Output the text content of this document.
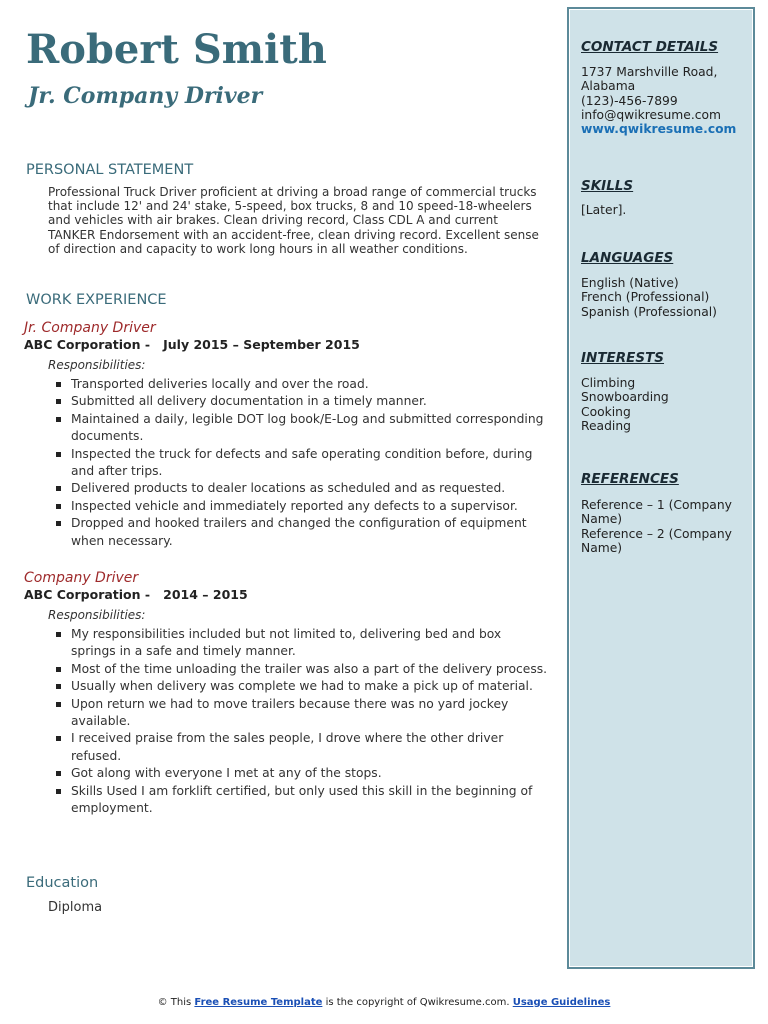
Robert Smith
Jr. Company Driver
PERSONAL STATEMENT

Professional Truck Driver proficient at driving a broad range of commercial trucks that include 12' and 24' stake, 5-speed, box trucks, 8 and 10 speed-18-wheelers and vehicles with air brakes. Clean driving record, Class CDL A and current TANKER Endorsement with an accident-free, clean driving record. Excellent sense of direction and capacity to work long hours in all weather conditions.

WORK EXPERIENCE
Jr. Company Driver
ABC Corporation -   July 2015 – September 2015
Responsibilities:
Transported deliveries locally and over the road.
Submitted all delivery documentation in a timely manner.
Maintained a daily, legible DOT log book/E-Log and submitted corresponding documents.
Inspected the truck for defects and safe operating condition before, during and after trips.
Delivered products to dealer locations as scheduled and as requested.
Inspected vehicle and immediately reported any defects to a supervisor.
Dropped and hooked trailers and changed the configuration of equipment when necessary.
Company Driver
ABC Corporation -   2014 – 2015
Responsibilities:
My responsibilities included but not limited to, delivering bed and box springs in a safe and timely manner.
Most of the time unloading the trailer was also a part of the delivery process.
Usually when delivery was complete we had to make a pick up of material.
Upon return we had to move trailers because there was no yard jockey available.
I received praise from the sales people, I drove where the other driver refused.
Got along with everyone I met at any of the stops.
Skills Used I am forklift certified, but only used this skill in the beginning of employment.
Education

Diploma

CONTACT DETAILS
1737 Marshville Road, Alabama
(123)-456-7899
info@qwikresume.com
www.qwikresume.com
SKILLS
[Later].
LANGUAGES
English (Native)
French (Professional)
Spanish (Professional)
INTERESTS
Climbing
Snowboarding
Cooking
Reading
REFERENCES
Reference – 1 (Company Name)
Reference – 2 (Company Name)
© This Free Resume Template is the copyright of Qwikresume.com. Usage Guidelines
